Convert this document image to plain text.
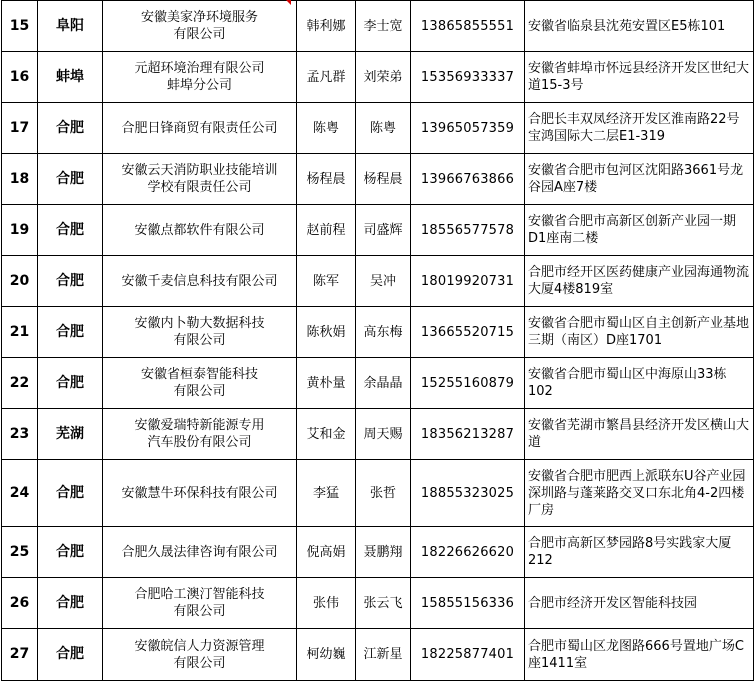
15	阜阳	安徽美家净环境服务
有限公司	韩利娜	李士宽	13865855551	安徽省临泉县沈苑安置区E5栋101
16	蚌埠	元超环境治理有限公司
蚌埠分公司	孟凡群	刘荣弟	15356933337	安徽省蚌埠市怀远县经济开发区世纪大道15-3号
17	合肥	合肥日锋商贸有限责任公司	陈粤	陈粤	13965057359	合肥长丰双凤经济开发区淮南路22号宝鸿国际大二层E1-319
18	合肥	安徽云天消防职业技能培训
学校有限责任公司	杨程晨	杨程晨	13966763866	安徽省合肥市包河区沈阳路3661号龙谷园A座7楼
19	合肥	安徽点都软件有限公司	赵前程	司盛辉	18556577578	安徽省合肥市高新区创新产业园一期D1座南二楼
20	合肥	安徽千麦信息科技有限公司	陈军	吴冲	18019920731	合肥市经开区医药健康产业园海通物流大厦4楼819室
21	合肥	安徽内卜勒大数据科技
有限公司	陈秋娟	高东梅	13665520715	安徽省合肥市蜀山区自主创新产业基地三期（南区）D座1701
22	合肥	安徽省桓泰智能科技
有限公司	黄朴量	余晶晶	15255160879	安徽省合肥市蜀山区中海原山33栋102
23	芜湖	安徽爱瑞特新能源专用
汽车股份有限公司	艾和金	周天赐	18356213287	安徽省芜湖市繁昌县经济开发区横山大道
24	合肥	安徽慧牛环保科技有限公司	李猛	张哲	18855323025	安徽省合肥市肥西上派联东U谷产业园深圳路与蓬莱路交叉口东北角4-2四楼厂房
25	合肥	合肥久晟法律咨询有限公司	倪高娟	聂鹏翔	18226626620	合肥市高新区梦园路8号实践家大厦212
26	合肥	合肥哈工澳汀智能科技
有限公司	张伟	张云飞	15855156336	合肥市经济开发区智能科技园
27	合肥	安徽皖信人力资源管理
有限公司	柯幼巍	江新星	18225877401	合肥市蜀山区龙图路666号置地广场C座1411室
